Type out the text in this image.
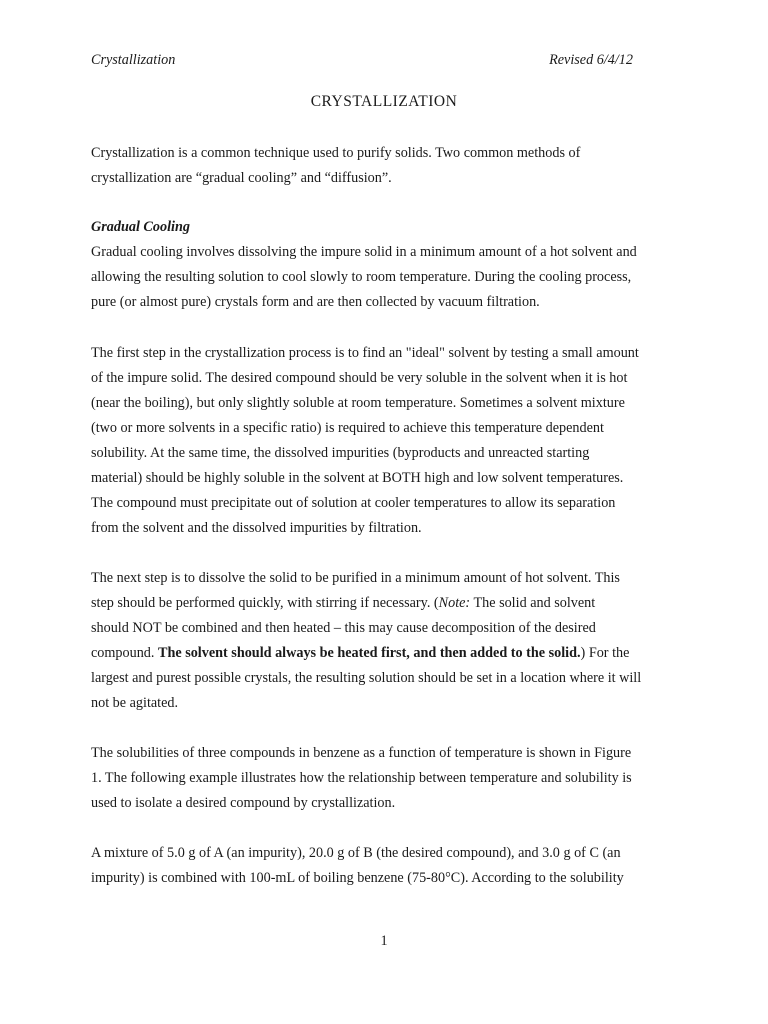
Crystallization	Revised 6/4/12
CRYSTALLIZATION
Crystallization is a common technique used to purify solids. Two common methods of
crystallization are “gradual cooling” and “diffusion”.
Gradual Cooling
Gradual cooling involves dissolving the impure solid in a minimum amount of a hot solvent and
allowing the resulting solution to cool slowly to room temperature. During the cooling process,
pure (or almost pure) crystals form and are then collected by vacuum filtration.
The first step in the crystallization process is to find an "ideal" solvent by testing a small amount
of the impure solid. The desired compound should be very soluble in the solvent when it is hot
(near the boiling), but only slightly soluble at room temperature. Sometimes a solvent mixture
(two or more solvents in a specific ratio) is required to achieve this temperature dependent
solubility. At the same time, the dissolved impurities (byproducts and unreacted starting
material) should be highly soluble in the solvent at BOTH high and low solvent temperatures.
The compound must precipitate out of solution at cooler temperatures to allow its separation
from the solvent and the dissolved impurities by filtration.
The next step is to dissolve the solid to be purified in a minimum amount of hot solvent. This
step should be performed quickly, with stirring if necessary. (Note: The solid and solvent
should NOT be combined and then heated – this may cause decomposition of the desired
compound. The solvent should always be heated first, and then added to the solid.) For the
largest and purest possible crystals, the resulting solution should be set in a location where it will
not be agitated.
The solubilities of three compounds in benzene as a function of temperature is shown in Figure
1. The following example illustrates how the relationship between temperature and solubility is
used to isolate a desired compound by crystallization.
A mixture of 5.0 g of A (an impurity), 20.0 g of B (the desired compound), and 3.0 g of C (an
impurity) is combined with 100-mL of boiling benzene (75-80°C). According to the solubility
1
